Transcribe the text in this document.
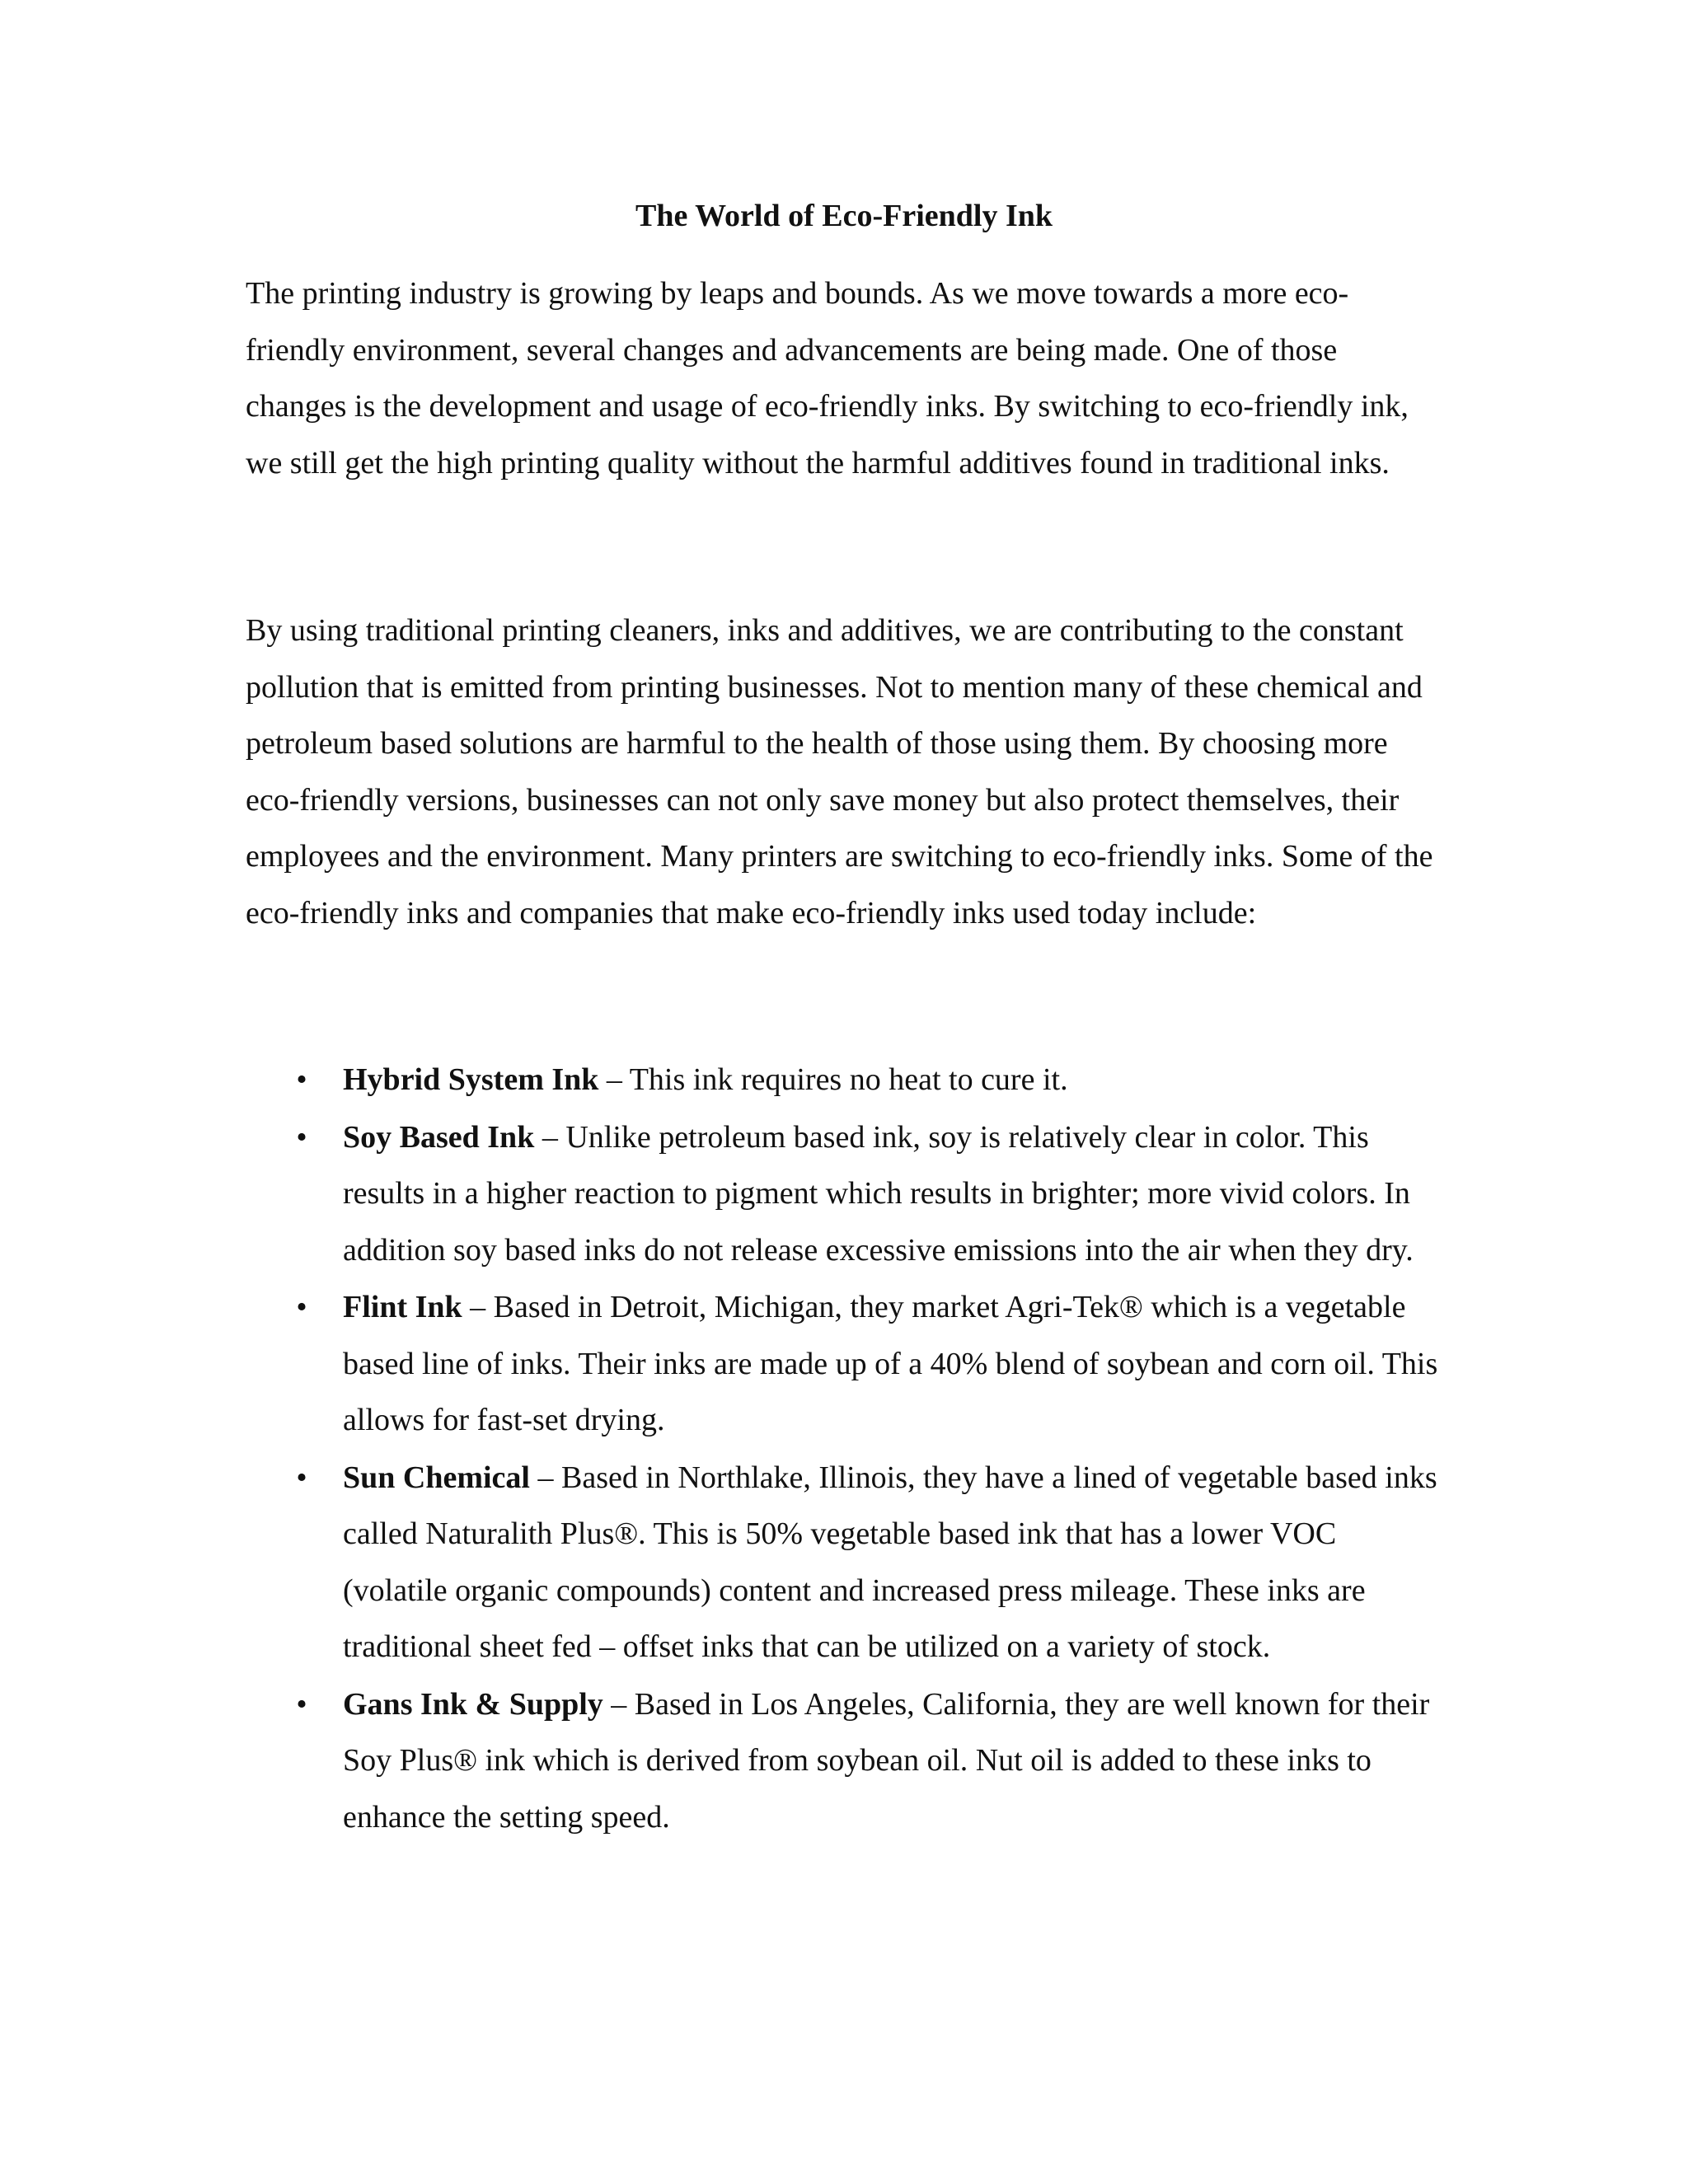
The World of Eco-Friendly Ink

The printing industry is growing by leaps and bounds. As we move towards a more eco-friendly environment, several changes and advancements are being made. One of those changes is the development and usage of eco-friendly inks. By switching to eco-friendly ink, we still get the high printing quality without the harmful additives found in traditional inks.

By using traditional printing cleaners, inks and additives, we are contributing to the constant pollution that is emitted from printing businesses. Not to mention many of these chemical and petroleum based solutions are harmful to the health of those using them. By choosing more eco-friendly versions, businesses can not only save money but also protect themselves, their employees and the environment. Many printers are switching to eco-friendly inks. Some of the eco-friendly inks and companies that make eco-friendly inks used today include:

• Hybrid System Ink – This ink requires no heat to cure it.
• Soy Based Ink – Unlike petroleum based ink, soy is relatively clear in color. This results in a higher reaction to pigment which results in brighter; more vivid colors. In addition soy based inks do not release excessive emissions into the air when they dry.
• Flint Ink – Based in Detroit, Michigan, they market Agri-Tek® which is a vegetable based line of inks. Their inks are made up of a 40% blend of soybean and corn oil. This allows for fast-set drying.
• Sun Chemical – Based in Northlake, Illinois, they have a lined of vegetable based inks called Naturalith Plus®. This is 50% vegetable based ink that has a lower VOC (volatile organic compounds) content and increased press mileage. These inks are traditional sheet fed – offset inks that can be utilized on a variety of stock.
• Gans Ink & Supply – Based in Los Angeles, California, they are well known for their Soy Plus® ink which is derived from soybean oil. Nut oil is added to these inks to enhance the setting speed.
